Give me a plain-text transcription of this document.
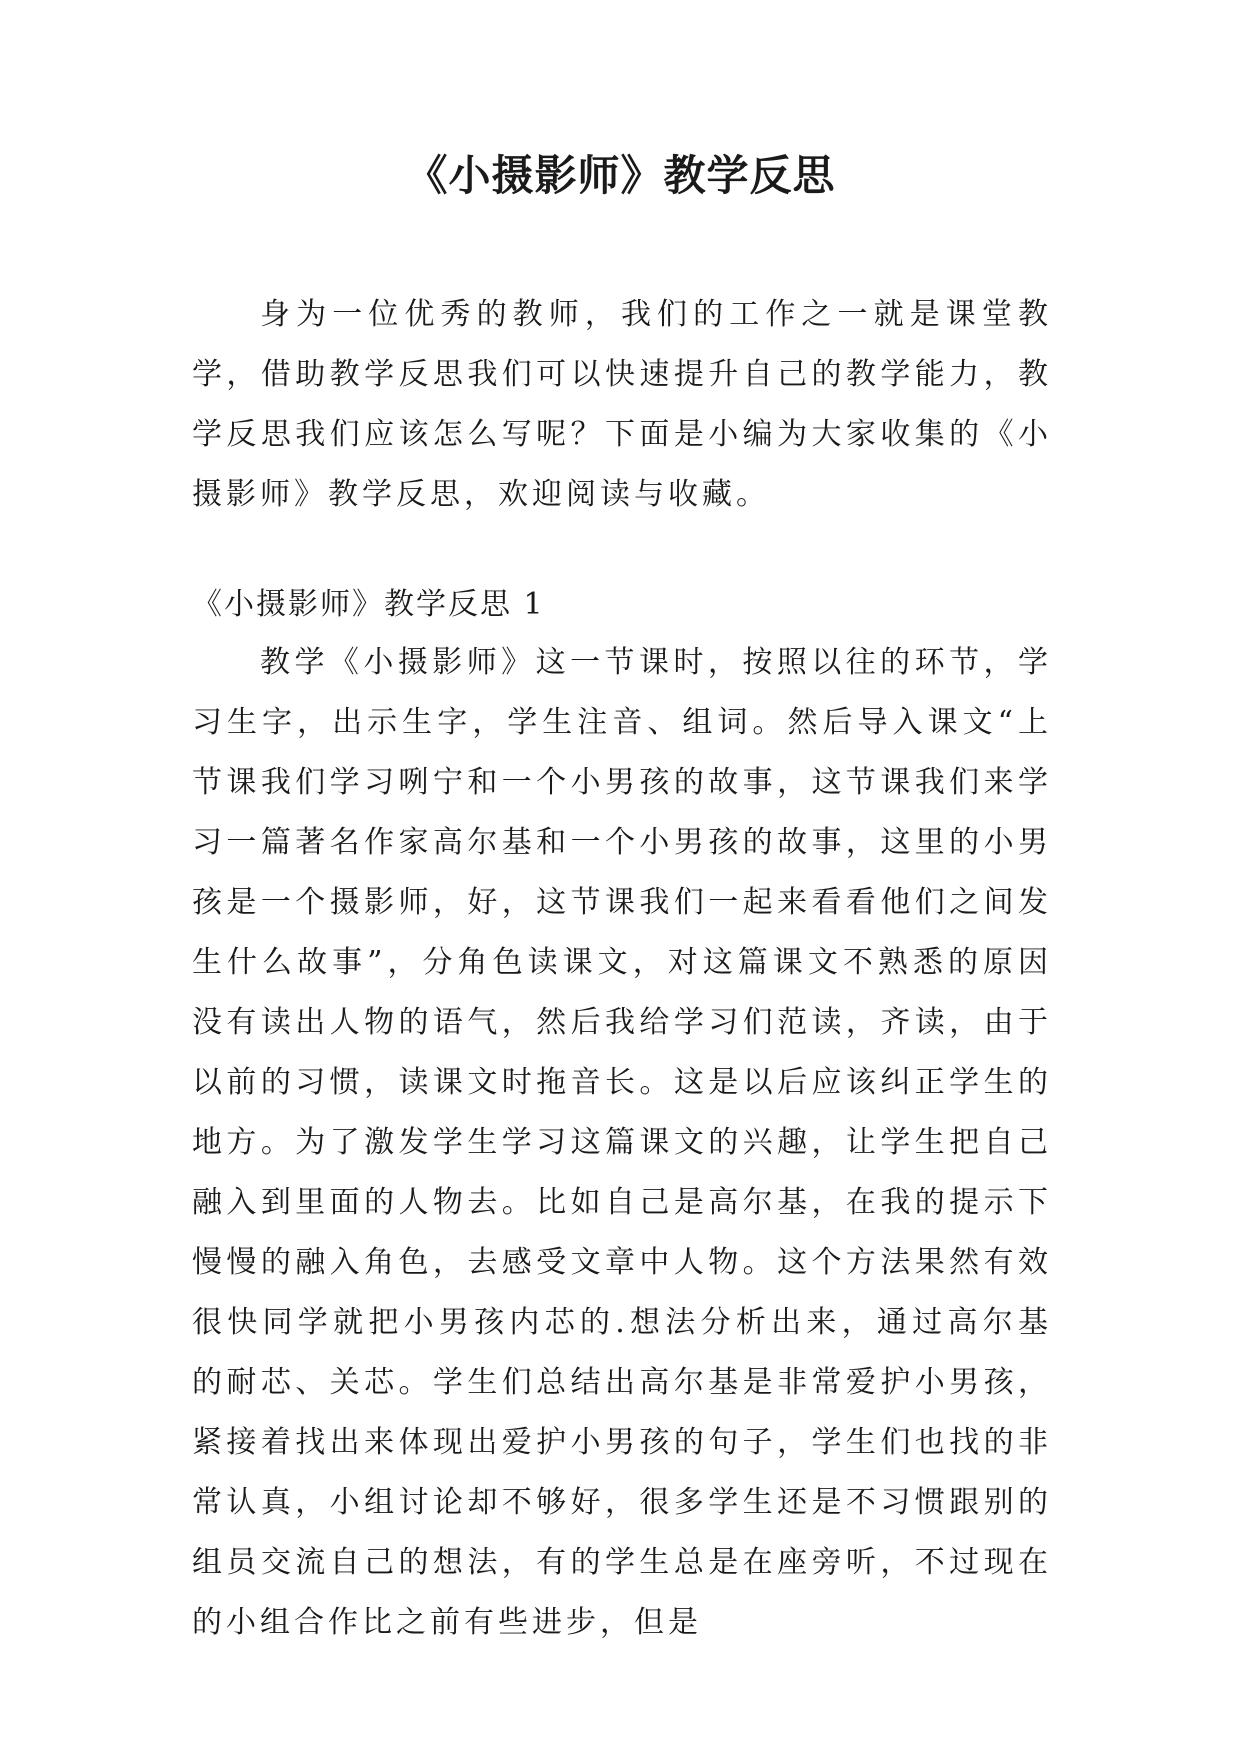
《小摄影师》教学反思

身为一位优秀的教师，我们的工作之一就是课堂教学，借助教学反思我们可以快速提升自己的教学能力，教学反思我们应该怎么写呢？下面是小编为大家收集的《小摄影师》教学反思，欢迎阅读与收藏。

《小摄影师》教学反思 1

教学《小摄影师》这一节课时，按照以往的环节，学习生字，出示生字，学生注音、组词。然后导入课文“上节课我们学习咧宁和一个小男孩的故事，这节课我们来学习一篇著名作家高尔基和一个小男孩的故事，这里的小男孩是一个摄影师，好，这节课我们一起来看看他们之间发生什么故事”，分角色读课文，对这篇课文不熟悉的原因没有读出人物的语气，然后我给学习们范读，齐读，由于以前的习惯，读课文时拖音长。这是以后应该纠正学生的地方。为了激发学生学习这篇课文的兴趣，让学生把自己融入到里面的人物去。比如自己是高尔基，在我的提示下慢慢的融入角色，去感受文章中人物。这个方法果然有效很快同学就把小男孩内芯的.想法分析出来，通过高尔基的耐芯、关芯。学生们总结出高尔基是非常爱护小男孩，紧接着找出来体现出爱护小男孩的句子，学生们也找的非常认真，小组讨论却不够好，很多学生还是不习惯跟别的组员交流自己的想法，有的学生总是在座旁听，不过现在的小组合作比之前有些进步，但是
